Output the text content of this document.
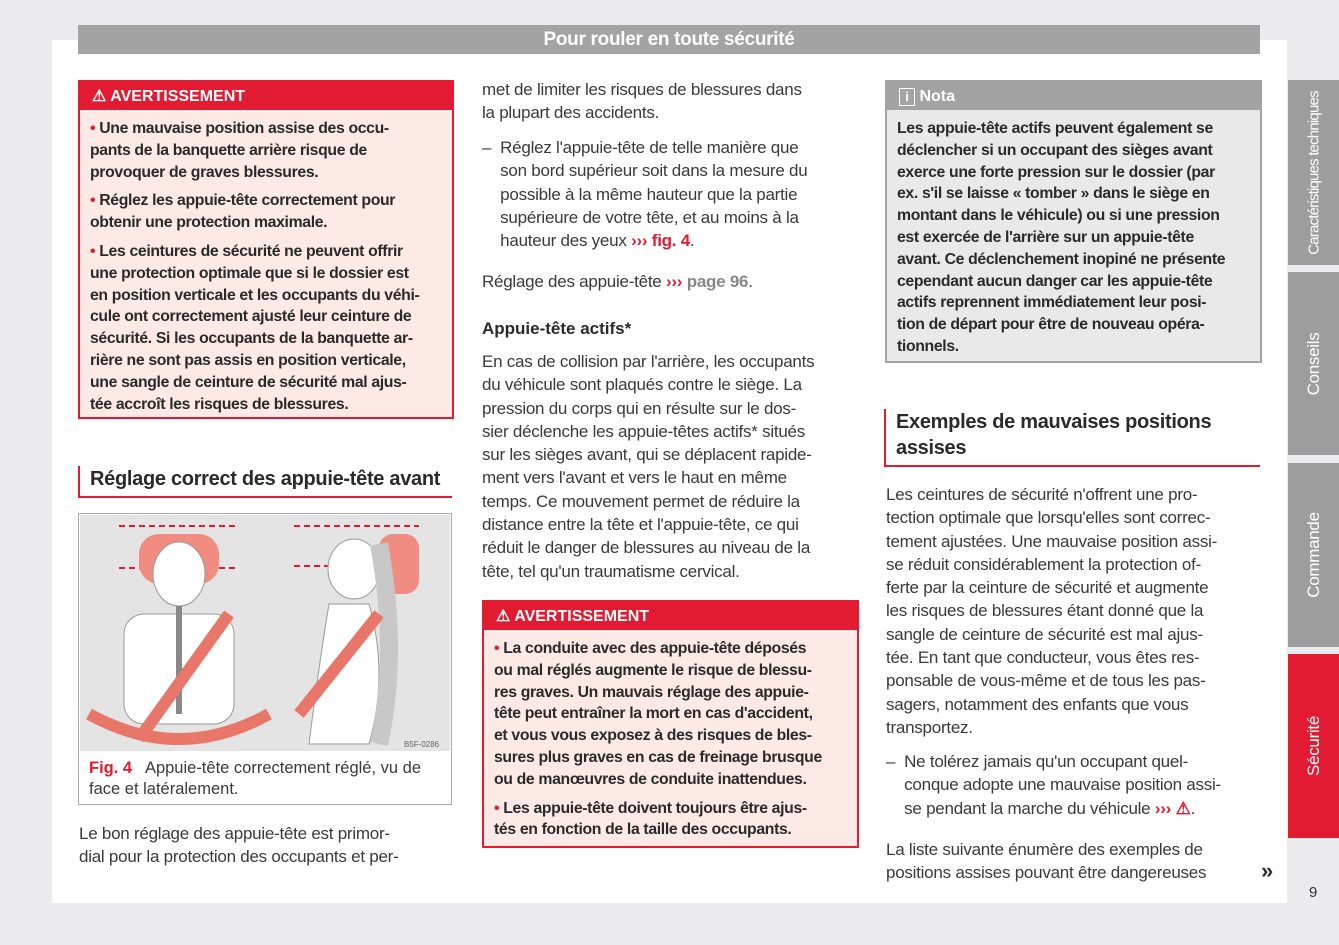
Pour rouler en toute sécurité
⚠ AVERTISSEMENT
• Une mauvaise position assise des occu-
pants de la banquette arrière risque de
provoquer de graves blessures.
• Réglez les appuie-tête correctement pour
obtenir une protection maximale.
• Les ceintures de sécurité ne peuvent offrir
une protection optimale que si le dossier est
en position verticale et les occupants du véhi-
cule ont correctement ajusté leur ceinture de
sécurité. Si les occupants de la banquette ar-
rière ne sont pas assis en position verticale,
une sangle de ceinture de sécurité mal ajus-
tée accroît les risques de blessures.
Réglage correct des appuie-tête avant
B5F-0286
Fig. 4 Appuie-tête correctement réglé, vu de
face et latéralement.
Le bon réglage des appuie-tête est primor-
dial pour la protection des occupants et per-
met de limiter les risques de blessures dans
la plupart des accidents.
–  Réglez l'appuie-tête de telle manière que
son bord supérieur soit dans la mesure du
possible à la même hauteur que la partie
supérieure de votre tête, et au moins à la
hauteur des yeux ››› fig. 4.
Réglage des appuie-tête ››› page 96.
Appuie-tête actifs*
En cas de collision par l'arrière, les occupants
du véhicule sont plaqués contre le siège. La
pression du corps qui en résulte sur le dos-
sier déclenche les appuie-têtes actifs* situés
sur les sièges avant, qui se déplacent rapide-
ment vers l'avant et vers le haut en même
temps. Ce mouvement permet de réduire la
distance entre la tête et l'appuie-tête, ce qui
réduit le danger de blessures au niveau de la
tête, tel qu'un traumatisme cervical.
⚠ AVERTISSEMENT
• La conduite avec des appuie-tête déposés
ou mal réglés augmente le risque de blessu-
res graves. Un mauvais réglage des appuie-
tête peut entraîner la mort en cas d'accident,
et vous vous exposez à des risques de bles-
sures plus graves en cas de freinage brusque
ou de manœuvres de conduite inattendues.
• Les appuie-tête doivent toujours être ajus-
tés en fonction de la taille des occupants.
i Nota
Les appuie-tête actifs peuvent également se
déclencher si un occupant des sièges avant
exerce une forte pression sur le dossier (par
ex. s'il se laisse « tomber » dans le siège en
montant dans le véhicule) ou si une pression
est exercée de l'arrière sur un appuie-tête
avant. Ce déclenchement inopiné ne présente
cependant aucun danger car les appuie-tête
actifs reprennent immédiatement leur posi-
tion de départ pour être de nouveau opéra-
tionnels.
Exemples de mauvaises positions
assises
Les ceintures de sécurité n'offrent une pro-
tection optimale que lorsqu'elles sont correc-
tement ajustées. Une mauvaise position assi-
se réduit considérablement la protection of-
ferte par la ceinture de sécurité et augmente
les risques de blessures étant donné que la
sangle de ceinture de sécurité est mal ajus-
tée. En tant que conducteur, vous êtes res-
ponsable de vous-même et de tous les pas-
sagers, notamment des enfants que vous
transportez.
–  Ne tolérez jamais qu'un occupant quel-
conque adopte une mauvaise position assi-
se pendant la marche du véhicule ››› ⚠.
La liste suivante énumère des exemples de
positions assises pouvant être dangereuses »
Caractéristiques techniques
Conseils
Commande
Sécurité
9
